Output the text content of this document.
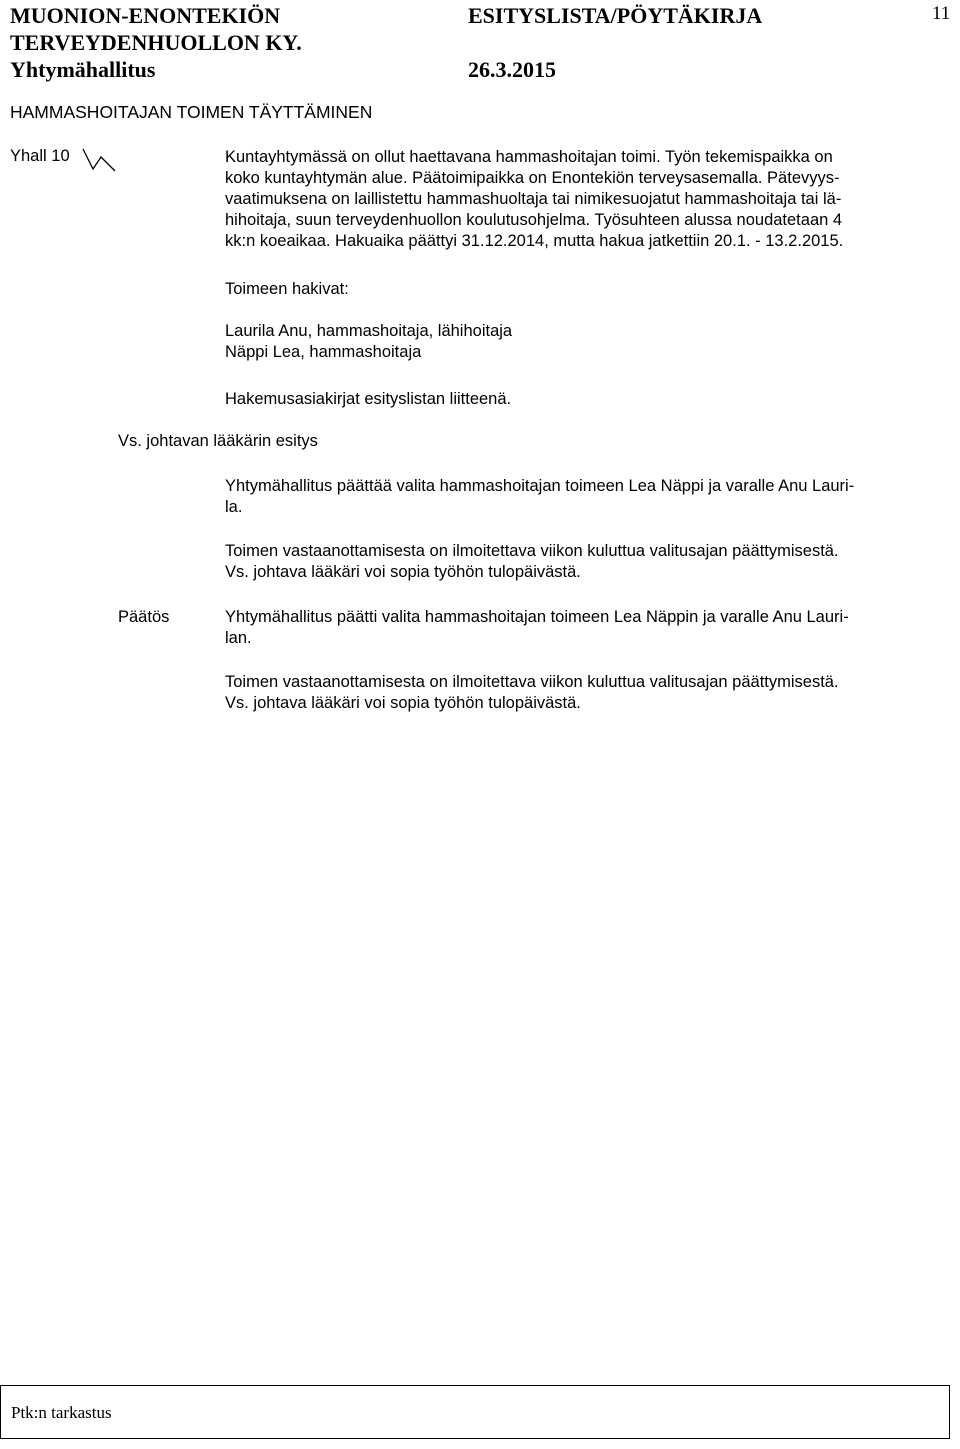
MUONION-ENONTEKIÖN
TERVEYDENHUOLLON KY.
Yhtymähallitus
ESITYSLISTA/PÖYTÄKIRJA
26.3.2015
11
HAMMASHOITAJAN TOIMEN TÄYTTÄMINEN
Yhall 10	Kuntayhtymässä on ollut haettavana hammashoitajan toimi. Työn tekemispaikka on

koko kuntayhtymän alue. Päätoimipaikka on Enontekiön terveysasemalla. Pätevyys-

vaatimuksena on laillistettu hammashuoltaja tai nimikesuojatut hammashoitaja tai lä-

hihoitaja, suun terveydenhuollon koulutusohjelma. Työsuhteen alussa noudatetaan 4

kk:n koeaikaa. Hakuaika päättyi 31.12.2014, mutta hakua jatkettiin 20.1. - 13.2.2015.

Toimeen hakivat:

Laurila Anu, hammashoitaja, lähihoitaja

Näppi Lea, hammashoitaja

Hakemusasiakirjat esityslistan liitteenä.
Vs. johtavan lääkärin esitys

Yhtymähallitus päättää valita hammashoitajan toimeen Lea Näppi ja varalle Anu Lauri-

la.

Toimen vastaanottamisesta on ilmoitettava viikon kuluttua valitusajan päättymisestä.

Vs. johtava lääkäri voi sopia työhön tulopäivästä.

Päätös	Yhtymähallitus päätti valita hammashoitajan toimeen Lea Näppin ja varalle Anu Lauri-

lan.

Toimen vastaanottamisesta on ilmoitettava viikon kuluttua valitusajan päättymisestä.

Vs. johtava lääkäri voi sopia työhön tulopäivästä.

Ptk:n tarkastus
